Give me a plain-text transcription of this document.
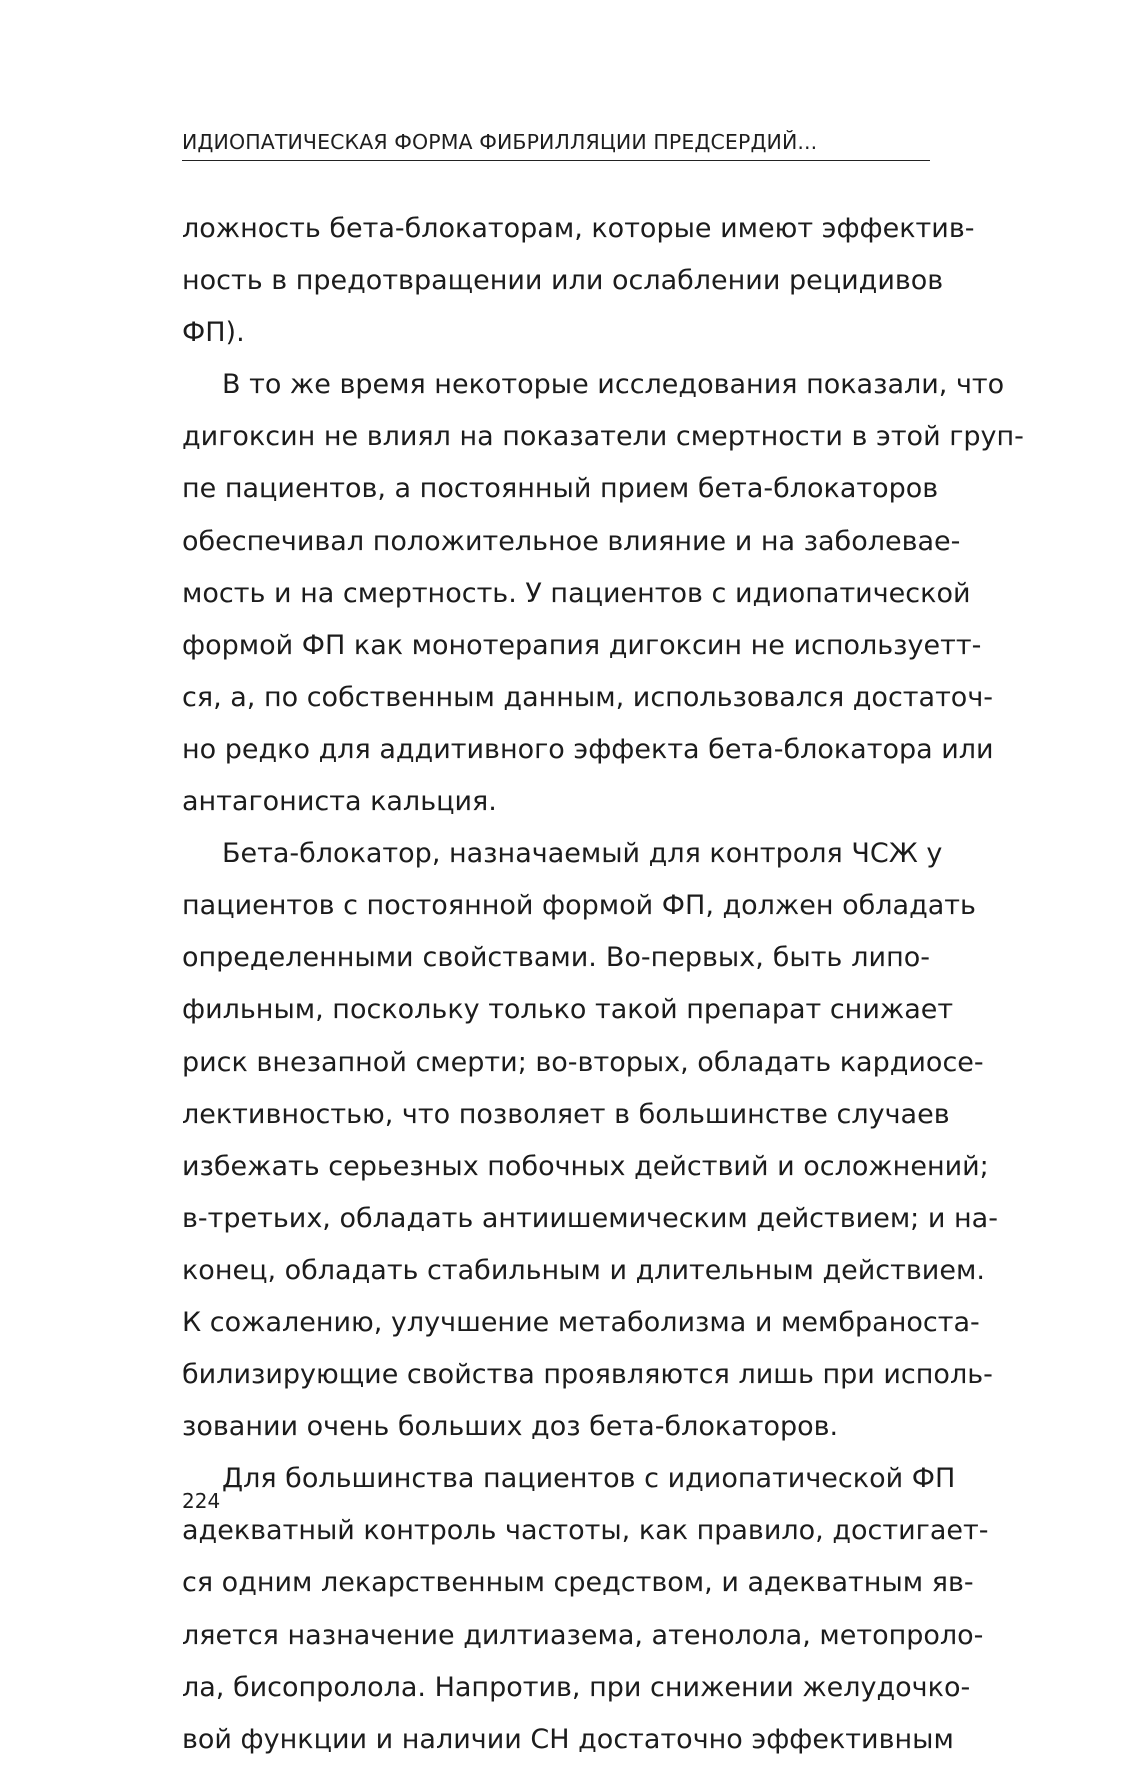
ИДИОПАТИЧЕСКАЯ ФОРМА ФИБРИЛЛЯЦИИ ПРЕДСЕРДИЙ...
ложность бета-блокаторам, которые имеют эффектив-
ность в предотвращении или ослаблении рецидивов
ФП).
В то же время некоторые исследования показали, что
дигоксин не влиял на показатели смертности в этой груп-
пе пациентов, а постоянный прием бета-блокаторов
обеспечивал положительное влияние и на заболевае-
мость и на смертность. У пациентов с идиопатической
формой ФП как монотерапия дигоксин не используетт-
ся, а, по собственным данным, использовался достаточ-
но редко для аддитивного эффекта бета-блокатора или
антагониста кальция.
Бета-блокатор, назначаемый для контроля ЧСЖ у
пациентов с постоянной формой ФП, должен обладать
определенными свойствами. Во-первых, быть липо-
фильным, поскольку только такой препарат снижает
риск внезапной смерти; во-вторых, обладать кардиосе-
лективностью, что позволяет в большинстве случаев
избежать серьезных побочных действий и осложнений;
в-третьих, обладать антиишемическим действием; и на-
конец, обладать стабильным и длительным действием.
К сожалению, улучшение метаболизма и мембраноста-
билизирующие свойства проявляются лишь при исполь-
зовании очень больших доз бета-блокаторов.
Для большинства пациентов с идиопатической ФП
адекватный контроль частоты, как правило, достигает-
ся одним лекарственным средством, и адекватным яв-
ляется назначение дилтиазема, атенолола, метопроло-
ла, бисопролола. Напротив, при снижении желудочко-
вой функции и наличии СН достаточно эффективным
224
